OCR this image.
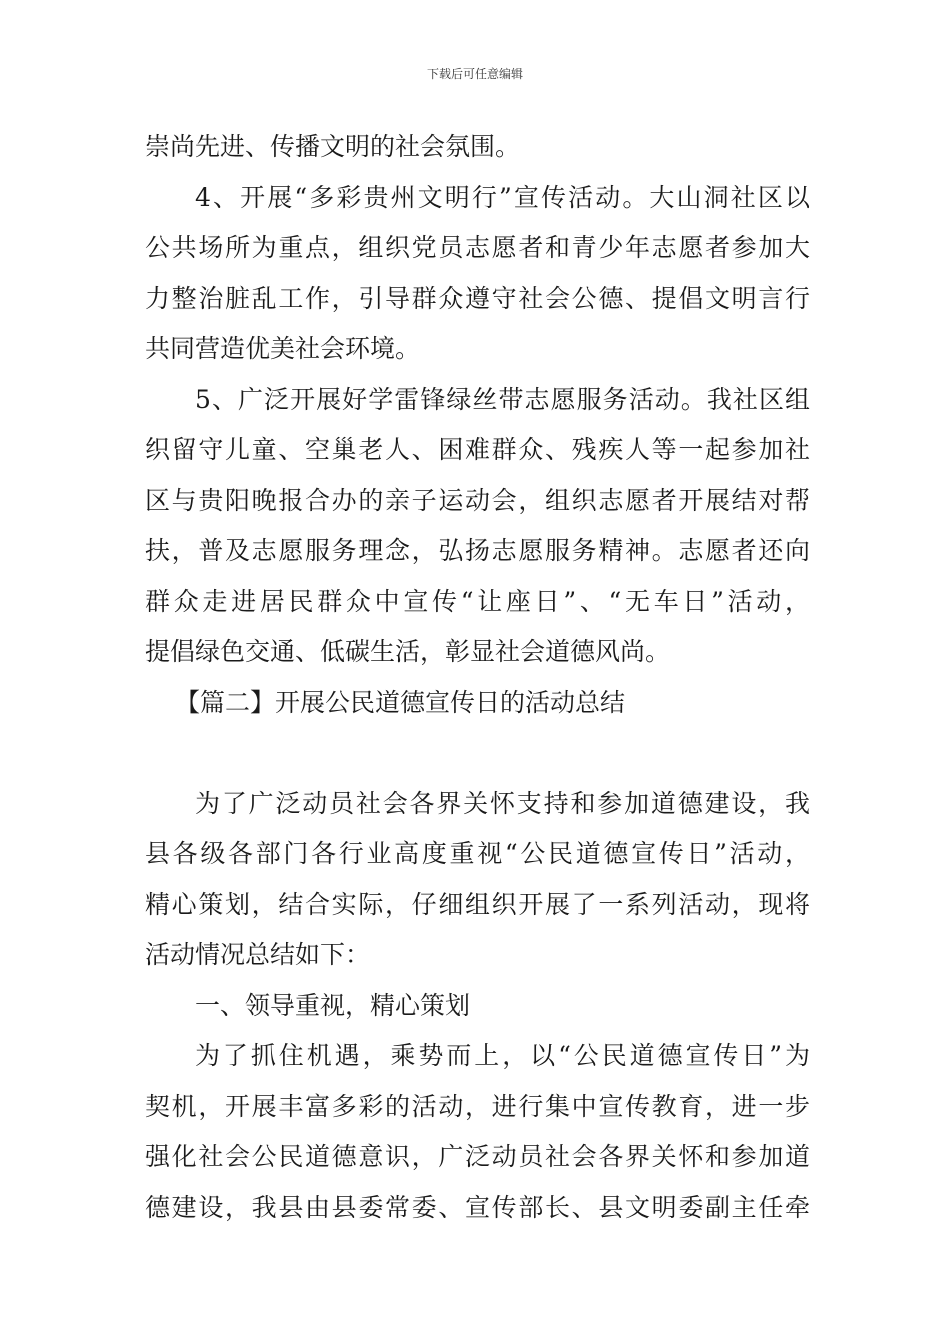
下载后可任意编辑
崇尚先进、传播文明的社会氛围。
4、开展“多彩贵州文明行”宣传活动。大山洞社区以
公共场所为重点，组织党员志愿者和青少年志愿者参加大
力整治脏乱工作，引导群众遵守社会公德、提倡文明言行
共同营造优美社会环境。
5、广泛开展好学雷锋绿丝带志愿服务活动。我社区组
织留守儿童、空巢老人、困难群众、残疾人等一起参加社
区与贵阳晚报合办的亲子运动会，组织志愿者开展结对帮
扶，普及志愿服务理念，弘扬志愿服务精神。志愿者还向
群众走进居民群众中宣传“让座日”、“无车日”活动，
提倡绿色交通、低碳生活，彰显社会道德风尚。
【篇二】开展公民道德宣传日的活动总结
为了广泛动员社会各界关怀支持和参加道德建设，我
县各级各部门各行业高度重视“公民道德宣传日”活动，
精心策划，结合实际，仔细组织开展了一系列活动，现将
活动情况总结如下：
一、领导重视，精心策划
为了抓住机遇，乘势而上，以“公民道德宣传日”为
契机，开展丰富多彩的活动，进行集中宣传教育，进一步
强化社会公民道德意识，广泛动员社会各界关怀和参加道
德建设，我县由县委常委、宣传部长、县文明委副主任牵
